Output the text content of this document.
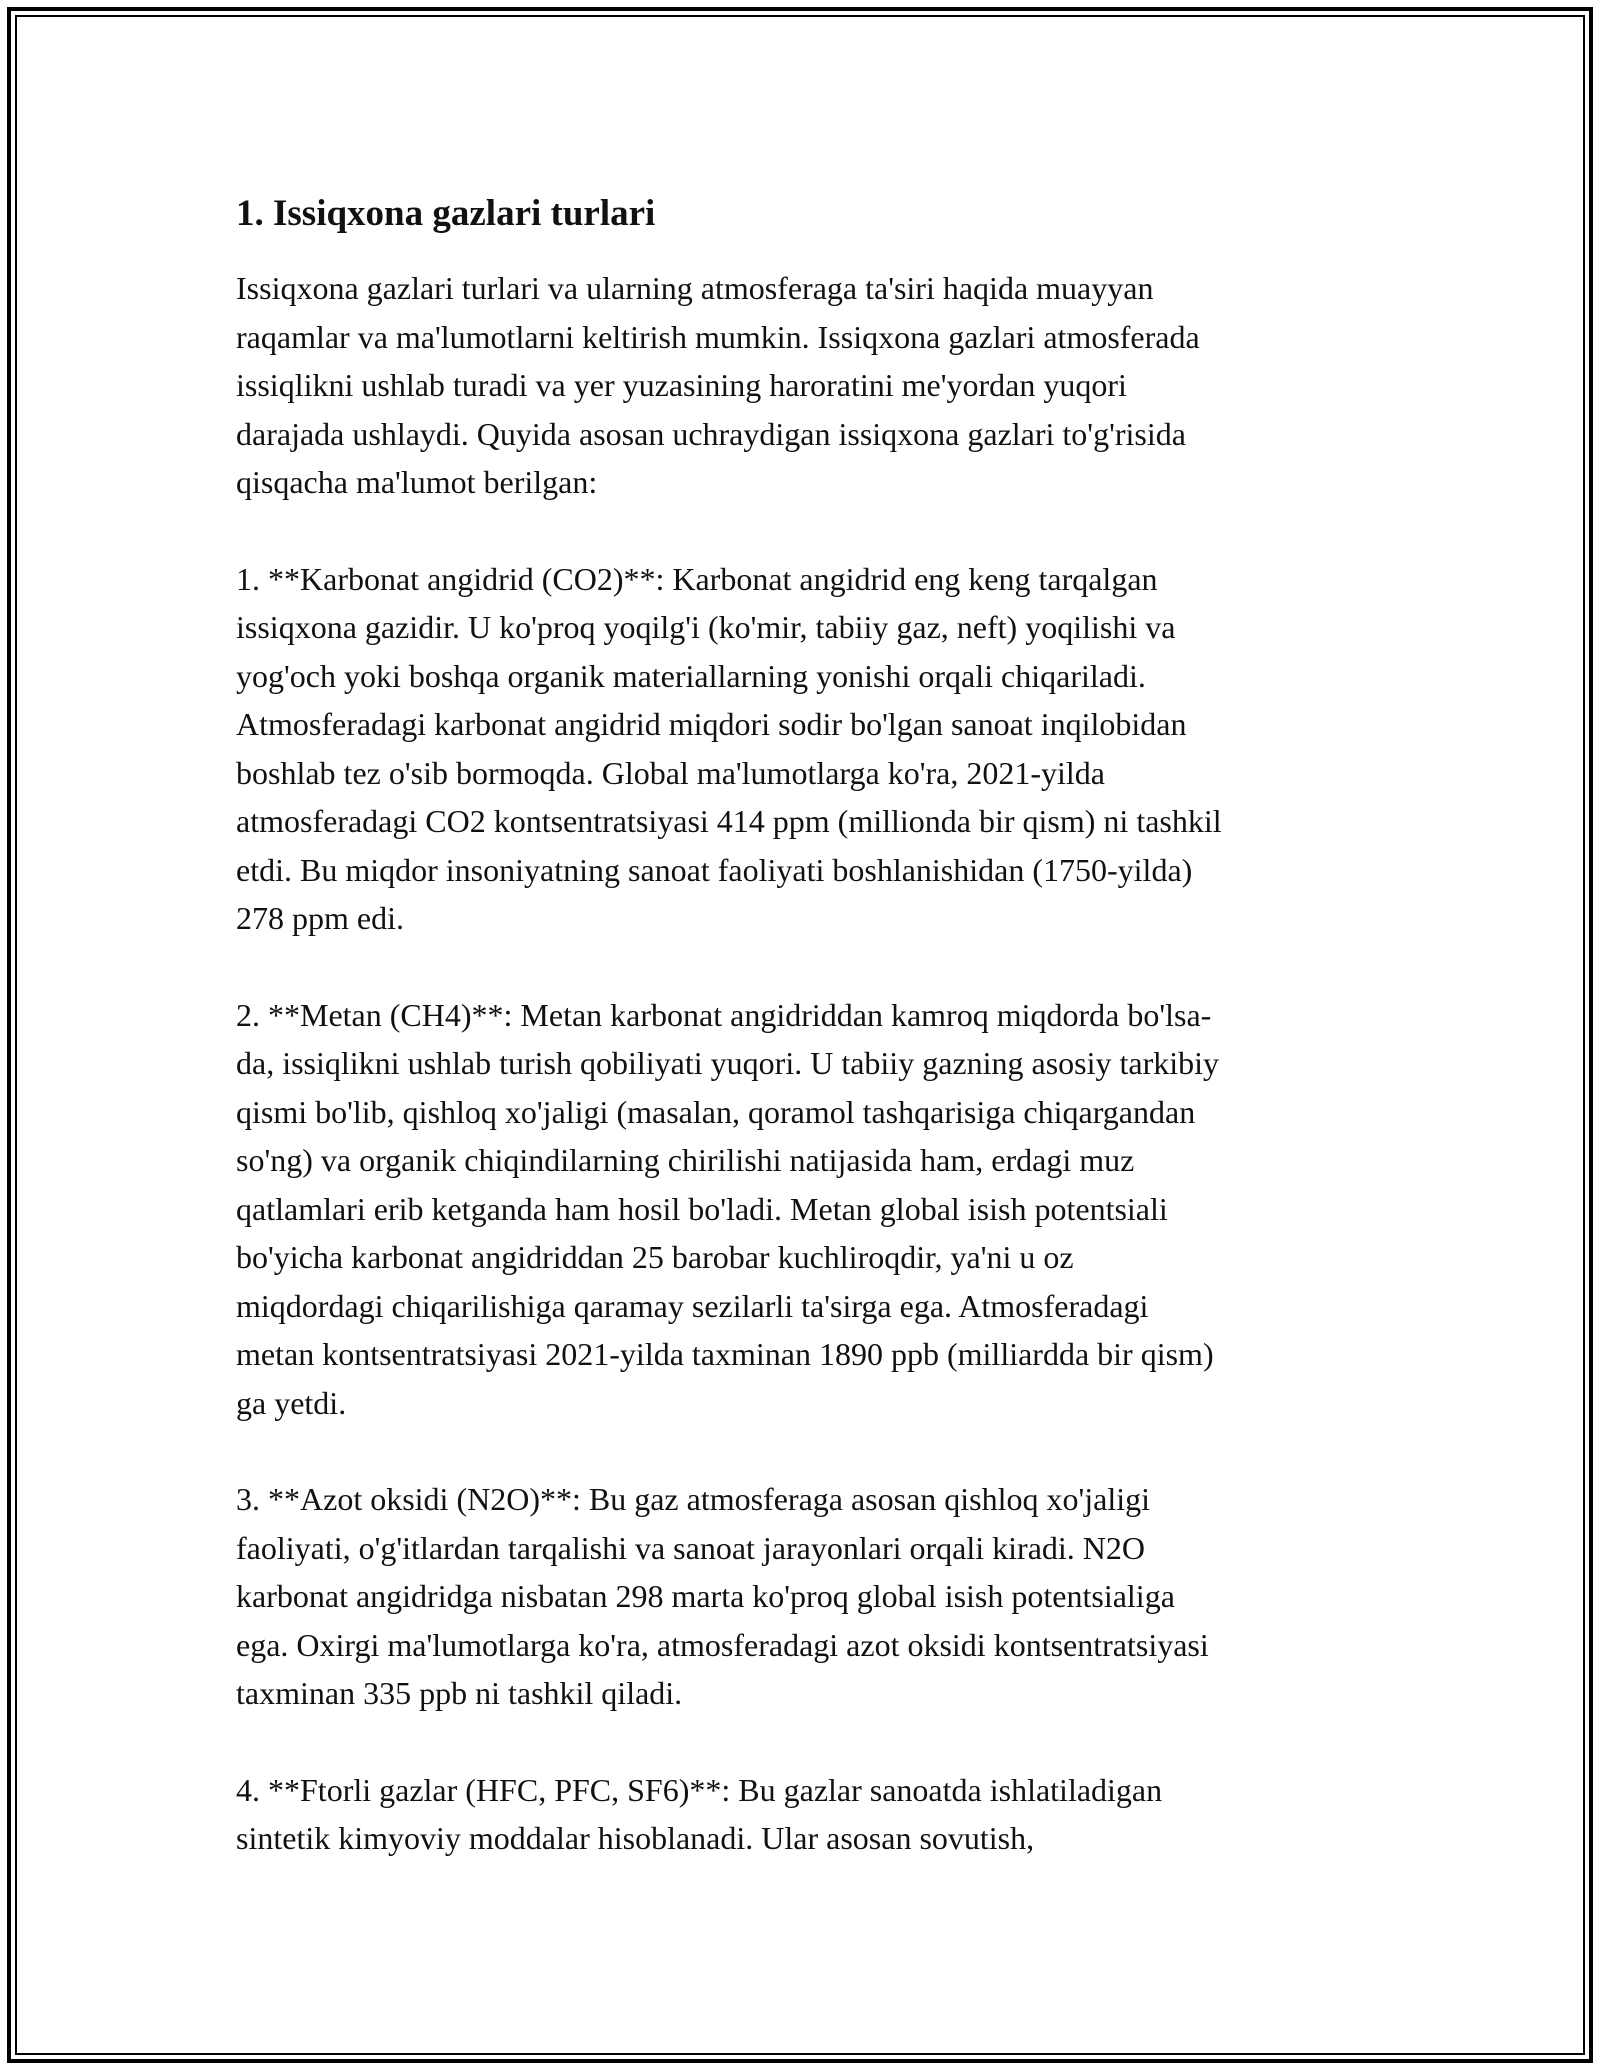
1. Issiqxona gazlari turlari

Issiqxona gazlari turlari va ularning atmosferaga ta'siri haqida muayyan
raqamlar va ma'lumotlarni keltirish mumkin. Issiqxona gazlari atmosferada
issiqlikni ushlab turadi va yer yuzasining haroratini me'yordan yuqori
darajada ushlaydi. Quyida asosan uchraydigan issiqxona gazlari to'g'risida
qisqacha ma'lumot berilgan:

1. **Karbonat angidrid (CO2)**: Karbonat angidrid eng keng tarqalgan
issiqxona gazidir. U ko'proq yoqilg'i (ko'mir, tabiiy gaz, neft) yoqilishi va
yog'och yoki boshqa organik materiallarning yonishi orqali chiqariladi.
Atmosferadagi karbonat angidrid miqdori sodir bo'lgan sanoat inqilobidan
boshlab tez o'sib bormoqda. Global ma'lumotlarga ko'ra, 2021-yilda
atmosferadagi CO2 kontsentratsiyasi 414 ppm (millionda bir qism) ni tashkil
etdi. Bu miqdor insoniyatning sanoat faoliyati boshlanishidan (1750-yilda)
278 ppm edi.

2. **Metan (CH4)**: Metan karbonat angidriddan kamroq miqdorda bo'lsa-
da, issiqlikni ushlab turish qobiliyati yuqori. U tabiiy gazning asosiy tarkibiy
qismi bo'lib, qishloq xo'jaligi (masalan, qoramol tashqarisiga chiqargandan
so'ng) va organik chiqindilarning chirilishi natijasida ham, erdagi muz
qatlamlari erib ketganda ham hosil bo'ladi. Metan global isish potentsiali
bo'yicha karbonat angidriddan 25 barobar kuchliroqdir, ya'ni u oz
miqdordagi chiqarilishiga qaramay sezilarli ta'sirga ega. Atmosferadagi
metan kontsentratsiyasi 2021-yilda taxminan 1890 ppb (milliardda bir qism)
ga yetdi.

3. **Azot oksidi (N2O)**: Bu gaz atmosferaga asosan qishloq xo'jaligi
faoliyati, o'g'itlardan tarqalishi va sanoat jarayonlari orqali kiradi. N2O
karbonat angidridga nisbatan 298 marta ko'proq global isish potentsialiga
ega. Oxirgi ma'lumotlarga ko'ra, atmosferadagi azot oksidi kontsentratsiyasi
taxminan 335 ppb ni tashkil qiladi.

4. **Ftorli gazlar (HFC, PFC, SF6)**: Bu gazlar sanoatda ishlatiladigan
sintetik kimyoviy moddalar hisoblanadi. Ular asosan sovutish,
